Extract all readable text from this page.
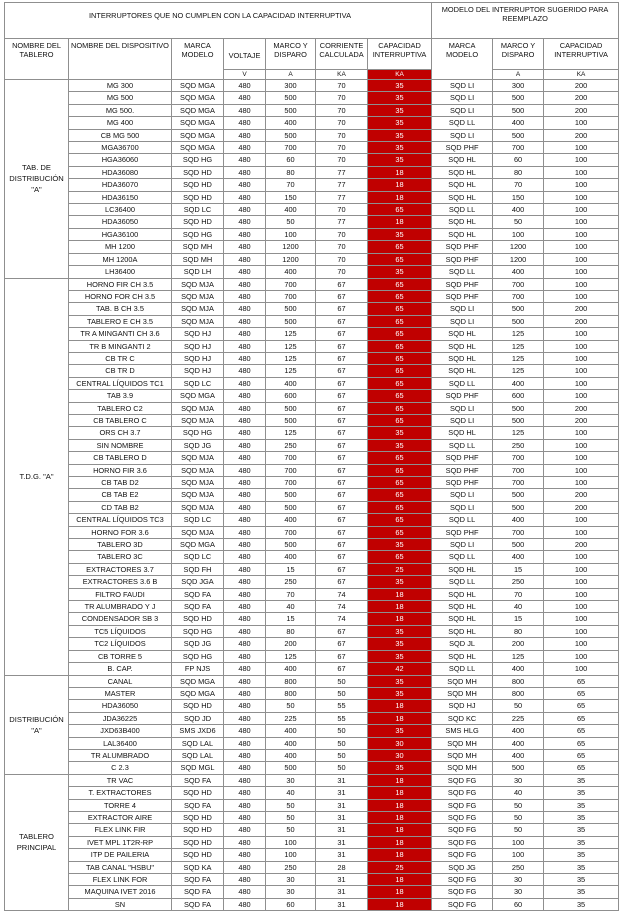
INTERRUPTORES QUE NO CUMPLEN CON LA CAPACIDAD INTERRUPTIVA							MODELO DEL INTERRUPTOR SUGERIDO PARA REEMPLAZO		
NOMBRE DEL TABLERO	NOMBRE DEL DISPOSITIVO	MARCA MODELO	VOLTAJE	MARCO Y DISPARO	CORRIENTE CALCULADA	CAPACIDAD INTERRUPTIVA	MARCA MODELO	MARCO Y DISPARO	CAPACIDAD INTERRUPTIVA
			V	A	KA	KA		A	KA
TAB. DE DISTRIBUCIÓN "A"	MG 300	SQD MGA	480	300	70	35	SQD LI	300	200
	MG 500	SQD MGA	480	500	70	35	SQD LI	500	200
	MG 500.	SQD MGA	480	500	70	35	SQD LI	500	200
	MG 400	SQD MGA	480	400	70	35	SQD LL	400	100
	CB MG 500	SQD MGA	480	500	70	35	SQD LI	500	200
	MGA36700	SQD MGA	480	700	70	35	SQD PHF	700	100
	HGA36060	SQD HG	480	60	70	35	SQD HL	60	100
	HDA36080	SQD HD	480	80	77	18	SQD HL	80	100
	HDA36070	SQD HD	480	70	77	18	SQD HL	70	100
	HDA36150	SQD HD	480	150	77	18	SQD HL	150	100
	LC36400	SQD LC	480	400	70	65	SQD LL	400	100
	HDA36050	SQD HD	480	50	77	18	SQD HL	50	100
	HGA36100	SQD HG	480	100	70	35	SQD HL	100	100
	MH 1200	SQD MH	480	1200	70	65	SQD PHF	1200	100
	MH 1200A	SQD MH	480	1200	70	65	SQD PHF	1200	100
	LH36400	SQD LH	480	400	70	35	SQD LL	400	100
T.D.G. "A"	HORNO FIR CH 3.5	SQD MJA	480	700	67	65	SQD PHF	700	100
	HORNO FOR CH 3.5	SQD MJA	480	700	67	65	SQD PHF	700	100
	TAB. B CH 3.5	SQD MJA	480	500	67	65	SQD LI	500	200
	TABLERO E CH 3.5	SQD MJA	480	500	67	65	SQD LI	500	200
	TR A MINGANTI CH 3.6	SQD HJ	480	125	67	65	SQD HL	125	100
	TR B MINGANTI 2	SQD HJ	480	125	67	65	SQD HL	125	100
	CB TR C	SQD HJ	480	125	67	65	SQD HL	125	100
	CB TR D	SQD HJ	480	125	67	65	SQD HL	125	100
	CENTRAL LÍQUIDOS TC1	SQD LC	480	400	67	65	SQD LL	400	100
	TAB 3.9	SQD MGA	480	600	67	65	SQD PHF	600	100
	TABLERO C2	SQD MJA	480	500	67	65	SQD LI	500	200
	CB TABLERO C	SQD MJA	480	500	67	65	SQD LI	500	200
	ORS CH 3.7	SQD HG	480	125	67	35	SQD HL	125	100
	SIN NOMBRE	SQD JG	480	250	67	35	SQD LL	250	100
	CB TABLERO D	SQD MJA	480	700	67	65	SQD PHF	700	100
	HORNO FIR 3.6	SQD MJA	480	700	67	65	SQD PHF	700	100
	CB TAB D2	SQD MJA	480	700	67	65	SQD PHF	700	100
	CB TAB E2	SQD MJA	480	500	67	65	SQD LI	500	200
	CD TAB B2	SQD MJA	480	500	67	65	SQD LI	500	200
	CENTRAL LÍQUIDOS TC3	SQD LC	480	400	67	65	SQD LL	400	100
	HORNO FOR 3.6	SQD MJA	480	700	67	65	SQD PHF	700	100
	TABLERO 3D	SQD MGA	480	500	67	35	SQD LI	500	200
	TABLERO 3C	SQD LC	480	400	67	65	SQD LL	400	100
	EXTRACTORES 3.7	SQD FH	480	15	67	25	SQD HL	15	100
	EXTRACTORES 3.6 B	SQD JGA	480	250	67	35	SQD LL	250	100
	FILTRO FAUDI	SQD FA	480	70	74	18	SQD HL	70	100
	TR ALUMBRADO Y J	SQD FA	480	40	74	18	SQD HL	40	100
	CONDENSADOR SB 3	SQD HD	480	15	74	18	SQD HL	15	100
	TC5 LÍQUIDOS	SQD HG	480	80	67	35	SQD HL	80	100
	TC2 LÍQUIDOS	SQD JG	480	200	67	35	SQD JL	200	100
	CB TORRE 5	SQD HG	480	125	67	35	SQD HL	125	100
	B. CAP.	FP NJS	480	400	67	42	SQD LL	400	100
DISTRIBUCIÓN "A"	CANAL	SQD MGA	480	800	50	35	SQD MH	800	65
	MASTER	SQD MGA	480	800	50	35	SQD MH	800	65
	HDA36050	SQD HD	480	50	55	18	SQD HJ	50	65
	JDA36225	SQD JD	480	225	55	18	SQD KC	225	65
	JXD63B400	SMS JXD6	480	400	50	35	SMS HLG	400	65
	LAL36400	SQD LAL	480	400	50	30	SQD MH	400	65
	TR ALUMBRADO	SQD LAL	480	400	50	30	SQD MH	400	65
	C 2.3	SQD MGL	480	500	50	35	SQD MH	500	65
TABLERO PRINCIPAL	TR VAC	SQD FA	480	30	31	18	SQD FG	30	35
	T. EXTRACTORES	SQD HD	480	40	31	18	SQD FG	40	35
	TORRE 4	SQD FA	480	50	31	18	SQD FG	50	35
	EXTRACTOR AIRE	SQD HD	480	50	31	18	SQD FG	50	35
	FLEX LINK FIR	SQD HD	480	50	31	18	SQD FG	50	35
	IVET MPL 1T2R-RP	SQD HD	480	100	31	18	SQD FG	100	35
	ITP DE PAILERIA	SQD HD	480	100	31	18	SQD FG	100	35
	TAB CANAL "HSBU"	SQD KA	480	250	28	25	SQD JG	250	35
	FLEX LINK FOR	SQD FA	480	30	31	18	SQD FG	30	35
	MAQUINA IVET 2016	SQD FA	480	30	31	18	SQD FG	30	35
	SN	SQD FA	480	60	31	18	SQD FG	60	35
